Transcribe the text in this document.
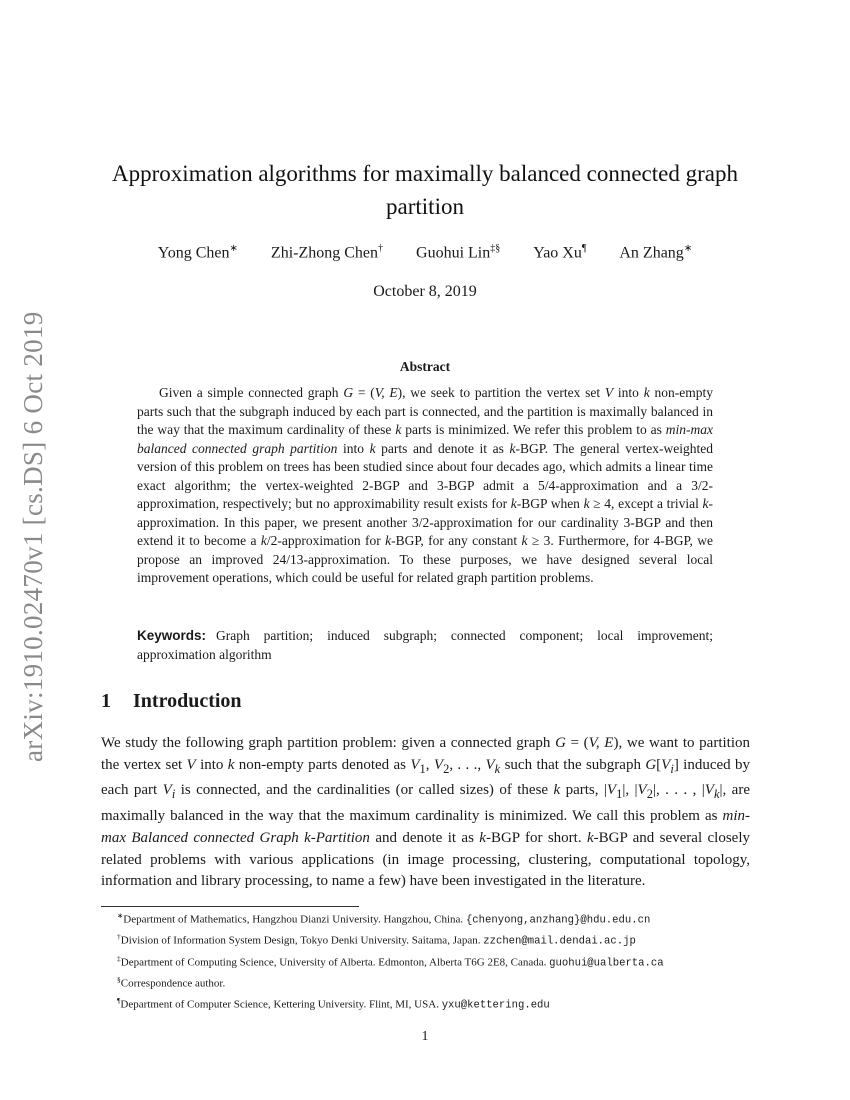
arXiv:1910.02470v1 [cs.DS] 6 Oct 2019
Approximation algorithms for maximally balanced connected graph partition
Yong Chen∗ Zhi-Zhong Chen† Guohui Lin‡§ Yao Xu¶ An Zhang∗
October 8, 2019
Abstract

Given a simple connected graph G = (V, E), we seek to partition the vertex set V into k non-empty parts such that the subgraph induced by each part is connected, and the partition is maximally balanced in the way that the maximum cardinality of these k parts is minimized. We refer this problem to as min-max balanced connected graph partition into k parts and denote it as k-BGP. The general vertex-weighted version of this problem on trees has been studied since about four decades ago, which admits a linear time exact algorithm; the vertex-weighted 2-BGP and 3-BGP admit a 5/4-approximation and a 3/2-approximation, respectively; but no approximability result exists for k-BGP when k ≥ 4, except a trivial k-approximation. In this paper, we present another 3/2-approximation for our cardinality 3-BGP and then extend it to become a k/2-approximation for k-BGP, for any constant k ≥ 3. Furthermore, for 4-BGP, we propose an improved 24/13-approximation. To these purposes, we have designed several local improvement operations, which could be useful for related graph partition problems.

Keywords: Graph partition; induced subgraph; connected component; local improvement; approximation algorithm
1 Introduction

We study the following graph partition problem: given a connected graph G = (V, E), we want to partition the vertex set V into k non-empty parts denoted as $V_1$, $V_2$, . . ., $V_k$ such that the subgraph $G[V_i]$ induced by each part $V_i$ is connected, and the cardinalities (or called sizes) of these k parts, $|V_1|$, $|V_2|$, . . . , $|V_k|$, are maximally balanced in the way that the maximum cardinality is minimized. We call this problem as min-max Balanced connected Graph k-Partition and denote it as k-BGP for short. k-BGP and several closely related problems with various applications (in image processing, clustering, computational topology, information and library processing, to name a few) have been investigated in the literature.

∗Department of Mathematics, Hangzhou Dianzi University. Hangzhou, China. {chenyong,anzhang}@hdu.edu.cn
†Division of Information System Design, Tokyo Denki University. Saitama, Japan. zzchen@mail.dendai.ac.jp
‡Department of Computing Science, University of Alberta. Edmonton, Alberta T6G 2E8, Canada. guohui@ualberta.ca
§Correspondence author.
¶Department of Computer Science, Kettering University. Flint, MI, USA. yxu@kettering.edu
1
